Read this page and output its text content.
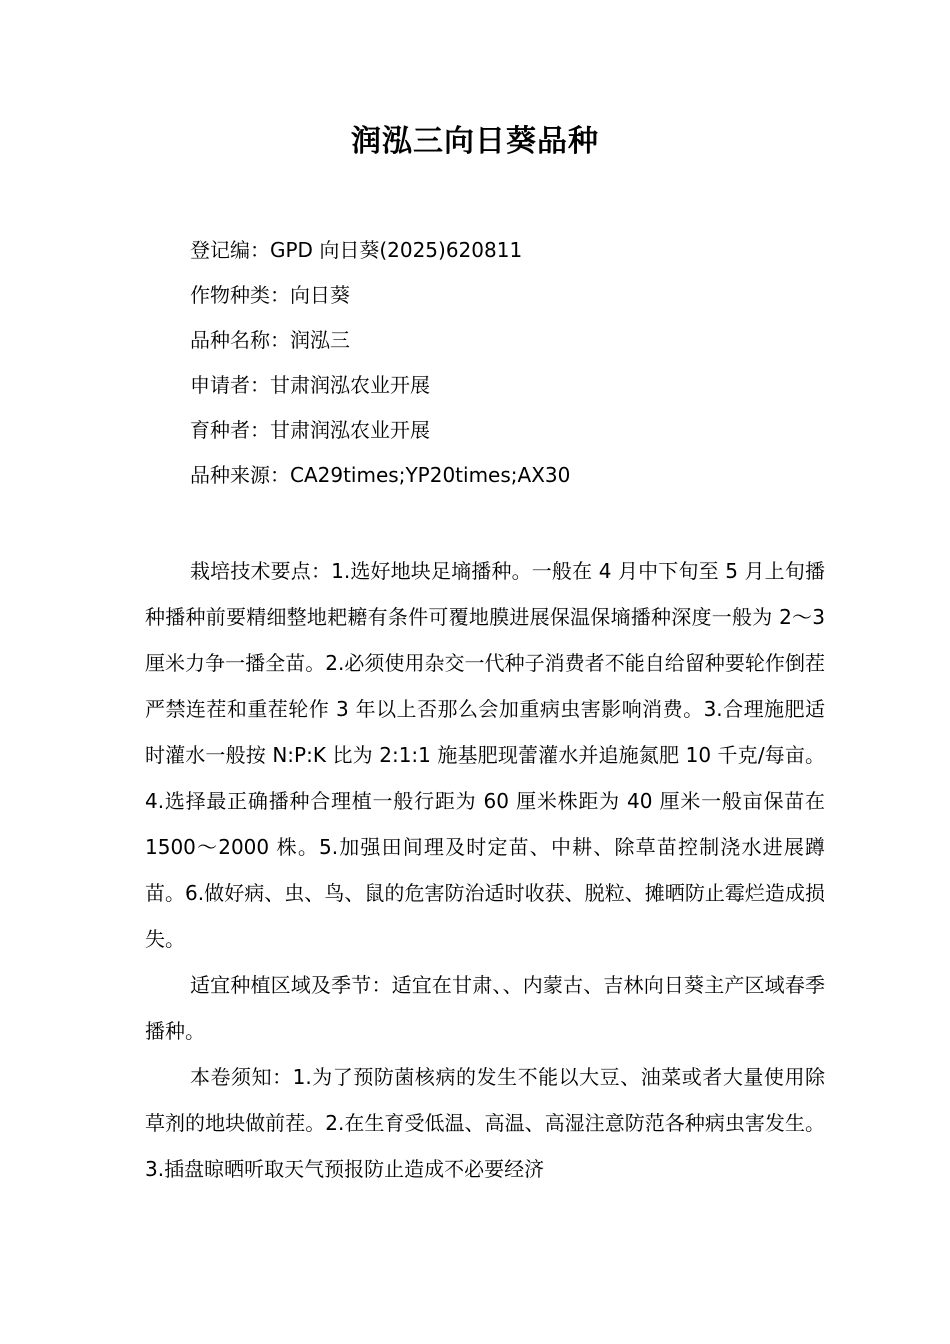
润泓三向日葵品种
登记编：GPD 向日葵(2025)620811
作物种类：向日葵
品种名称：润泓三
申请者：甘肃润泓农业开展
育种者：甘肃润泓农业开展
品种来源：CA29times;YP20times;AX30

栽培技术要点：1.选好地块足墒播种。一般在 4 月中下旬至 5 月上旬播种播种前要精细整地耙耱有条件可覆地膜进展保温保墒播种深度一般为 2～3 厘米力争一播全苗。2.必须使用杂交一代种子消费者不能自给留种要轮作倒茬严禁连茬和重茬轮作 3 年以上否那么会加重病虫害影响消费。3.合理施肥适时灌水一般按 N:P:K 比为 2:1:1 施基肥现蕾灌水并追施氮肥 10 千克/每亩。4.选择最正确播种合理植一般行距为 60 厘米株距为 40 厘米一般亩保苗在 1500～2000 株。5.加强田间理及时定苗、中耕、除草苗控制浇水进展蹲苗。6.做好病、虫、鸟、鼠的危害防治适时收获、脱粒、摊晒防止霉烂造成损失。

适宜种植区域及季节：适宜在甘肃、、内蒙古、吉林向日葵主产区域春季播种。

本卷须知：1.为了预防菌核病的发生不能以大豆、油菜或者大量使用除草剂的地块做前茬。2.在生育受低温、高温、高湿注意防范各种病虫害发生。3.插盘晾晒听取天气预报防止造成不必要经济
